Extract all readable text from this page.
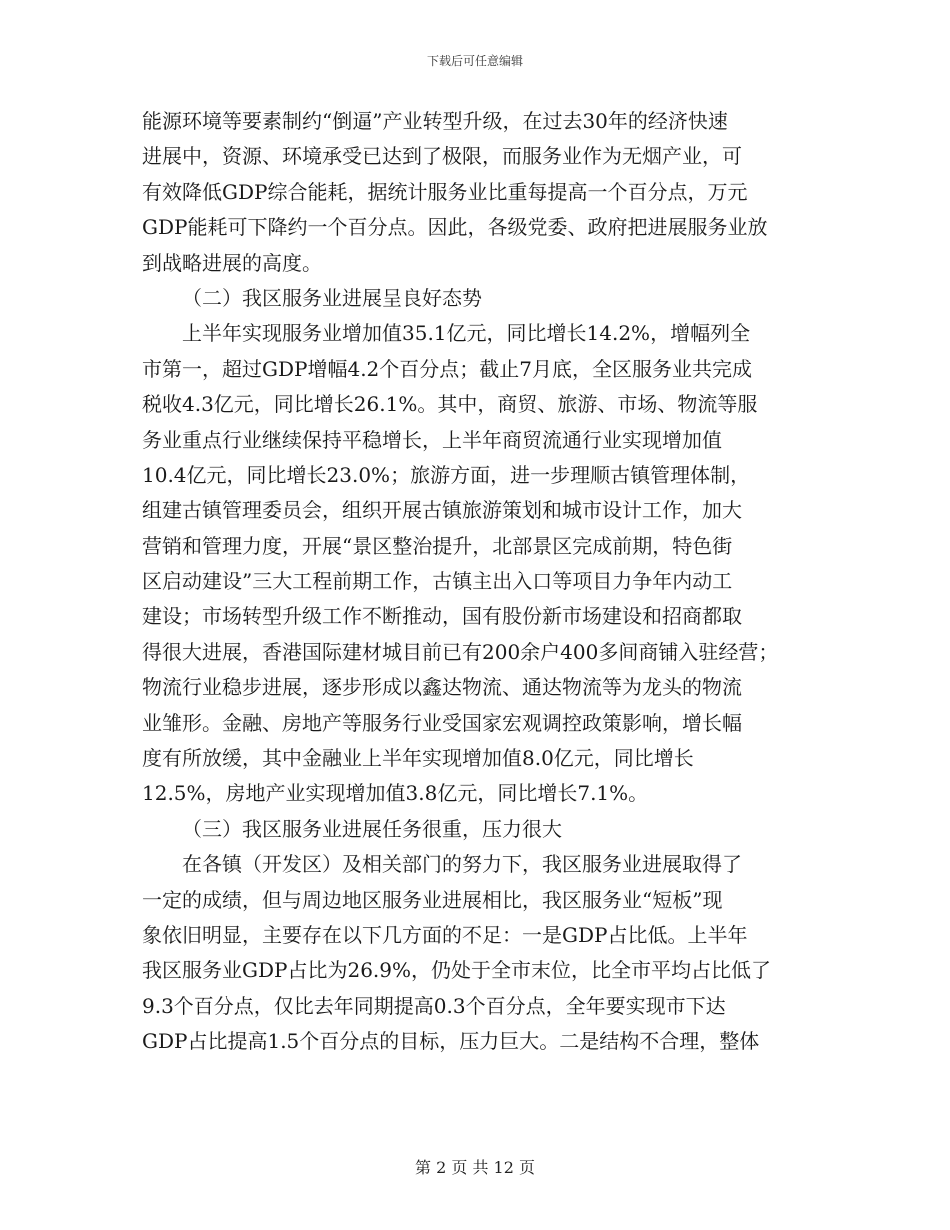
下载后可任意编辑
能源环境等要素制约“倒逼”产业转型升级，在过去30年的经济快速
进展中，资源、环境承受已达到了极限，而服务业作为无烟产业，可
有效降低GDP综合能耗，据统计服务业比重每提高一个百分点，万元
GDP能耗可下降约一个百分点。因此，各级党委、政府把进展服务业放
到战略进展的高度。
（二）我区服务业进展呈良好态势
上半年实现服务业增加值35.1亿元，同比增长14.2%，增幅列全
市第一，超过GDP增幅4.2个百分点；截止7月底，全区服务业共完成
税收4.3亿元，同比增长26.1%。其中，商贸、旅游、市场、物流等服
务业重点行业继续保持平稳增长，上半年商贸流通行业实现增加值
10.4亿元，同比增长23.0%；旅游方面，进一步理顺古镇管理体制，
组建古镇管理委员会，组织开展古镇旅游策划和城市设计工作，加大
营销和管理力度，开展“景区整治提升，北部景区完成前期，特色街
区启动建设”三大工程前期工作，古镇主出入口等项目力争年内动工
建设；市场转型升级工作不断推动，国有股份新市场建设和招商都取
得很大进展，香港国际建材城目前已有200余户400多间商铺入驻经营；
物流行业稳步进展，逐步形成以鑫达物流、通达物流等为龙头的物流
业雏形。金融、房地产等服务行业受国家宏观调控政策影响，增长幅
度有所放缓，其中金融业上半年实现增加值8.0亿元，同比增长
12.5%，房地产业实现增加值3.8亿元，同比增长7.1%。
（三）我区服务业进展任务很重，压力很大
在各镇（开发区）及相关部门的努力下，我区服务业进展取得了
一定的成绩，但与周边地区服务业进展相比，我区服务业“短板”现
象依旧明显，主要存在以下几方面的不足：一是GDP占比低。上半年
我区服务业GDP占比为26.9%，仍处于全市末位，比全市平均占比低了
9.3个百分点，仅比去年同期提高0.3个百分点，全年要实现市下达
GDP占比提高1.5个百分点的目标，压力巨大。二是结构不合理，整体
第 2 页 共 12 页
